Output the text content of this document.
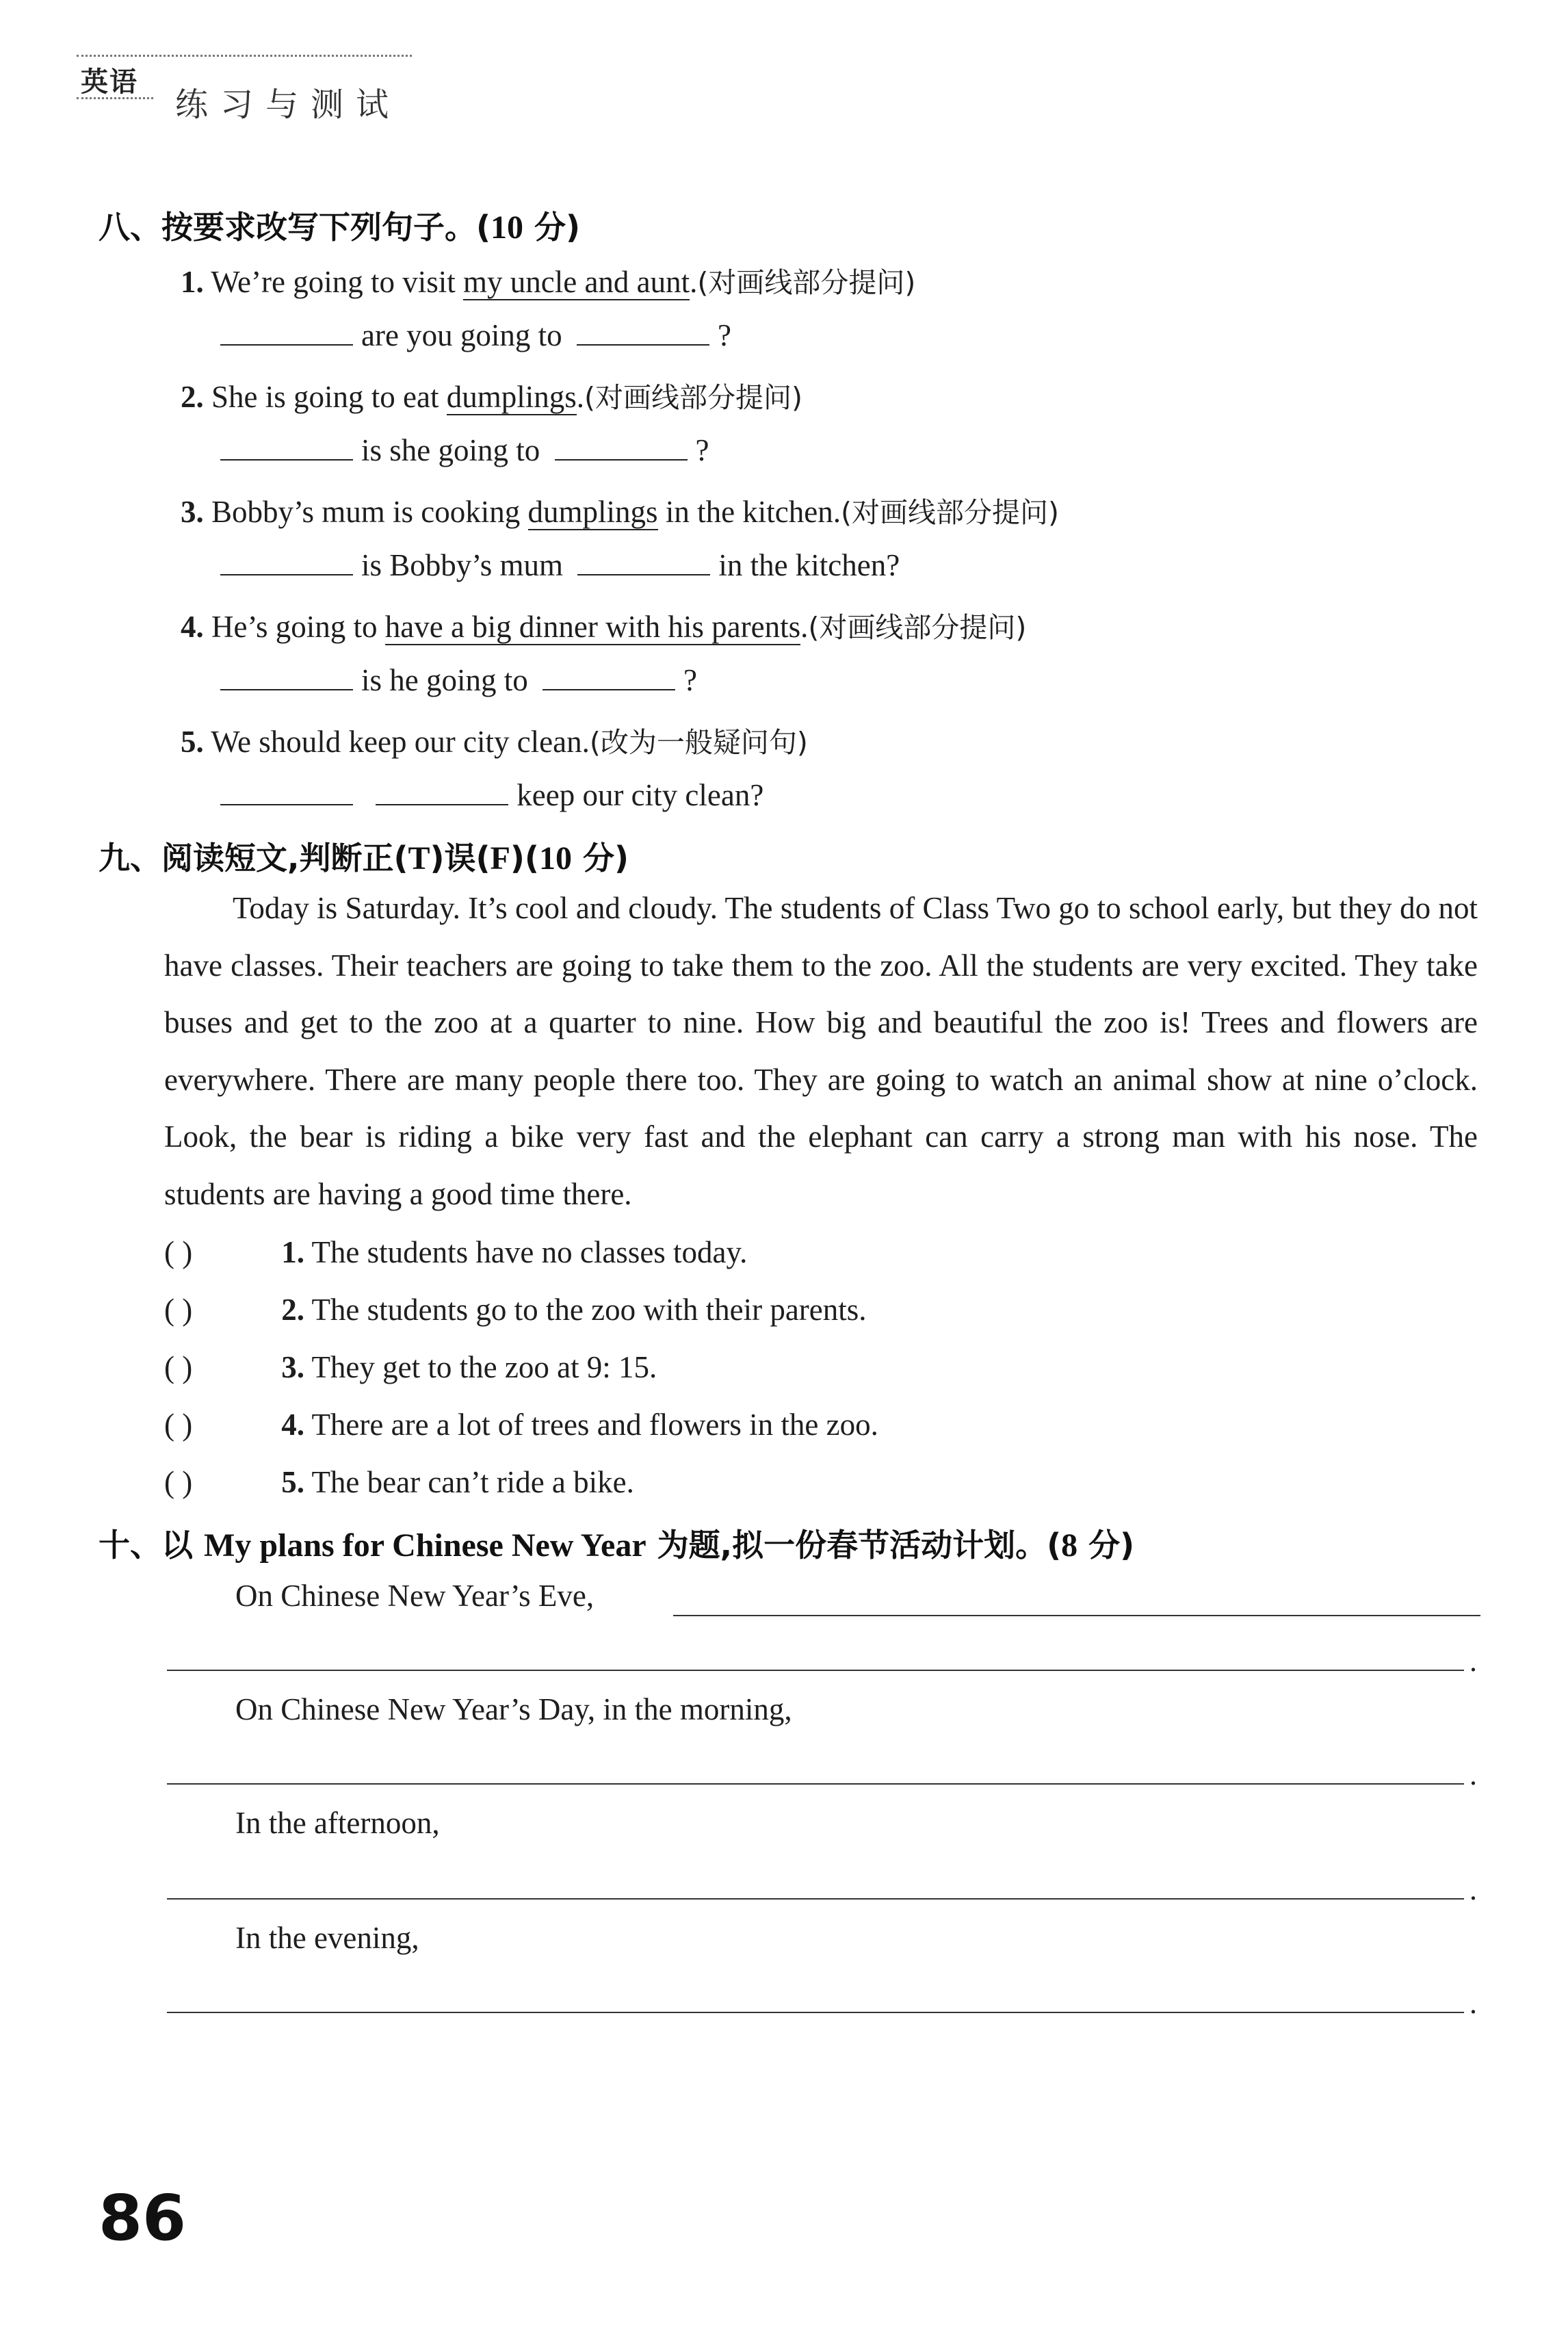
英语
练习与测试
八、按要求改写下列句子。(10 分)
1. We’re going to visit my uncle and aunt.(对画线部分提问)
are you going to	?
2. She is going to eat dumplings.(对画线部分提问)
is she going to	?
3. Bobby’s mum is cooking dumplings in the kitchen.(对画线部分提问)
is Bobby’s mum	in the kitchen?
4. He’s going to have a big dinner with his parents.(对画线部分提问)
is he going to	?
5. We should keep our city clean.(改为一般疑问句)
keep our city clean?
九、阅读短文,判断正(T)误(F)(10 分)
Today is Saturday. It’s cool and cloudy. The students of Class Two go to school early, but they do not have classes. Their teachers are going to take them to the zoo. All the students are very excited. They take buses and get to the zoo at a quarter to nine. How big and beautiful the zoo is! Trees and flowers are everywhere. There are many people there too. They are going to watch an animal show at nine o’clock. Look, the bear is riding a bike very fast and the elephant can carry a strong man with his nose. The students are having a good time there.
( )	1. The students have no classes today.
( )	2. The students go to the zoo with their parents.
( )	3. They get to the zoo at 9: 15.
( )	4. There are a lot of trees and flowers in the zoo.
( )	5. The bear can’t ride a bike.
十、以 My plans for Chinese New Year 为题,拟一份春节活动计划。(8 分)
On Chinese New Year’s Eve,
.
On Chinese New Year’s Day, in the morning,
.
In the afternoon,
.
In the evening,
.
86
